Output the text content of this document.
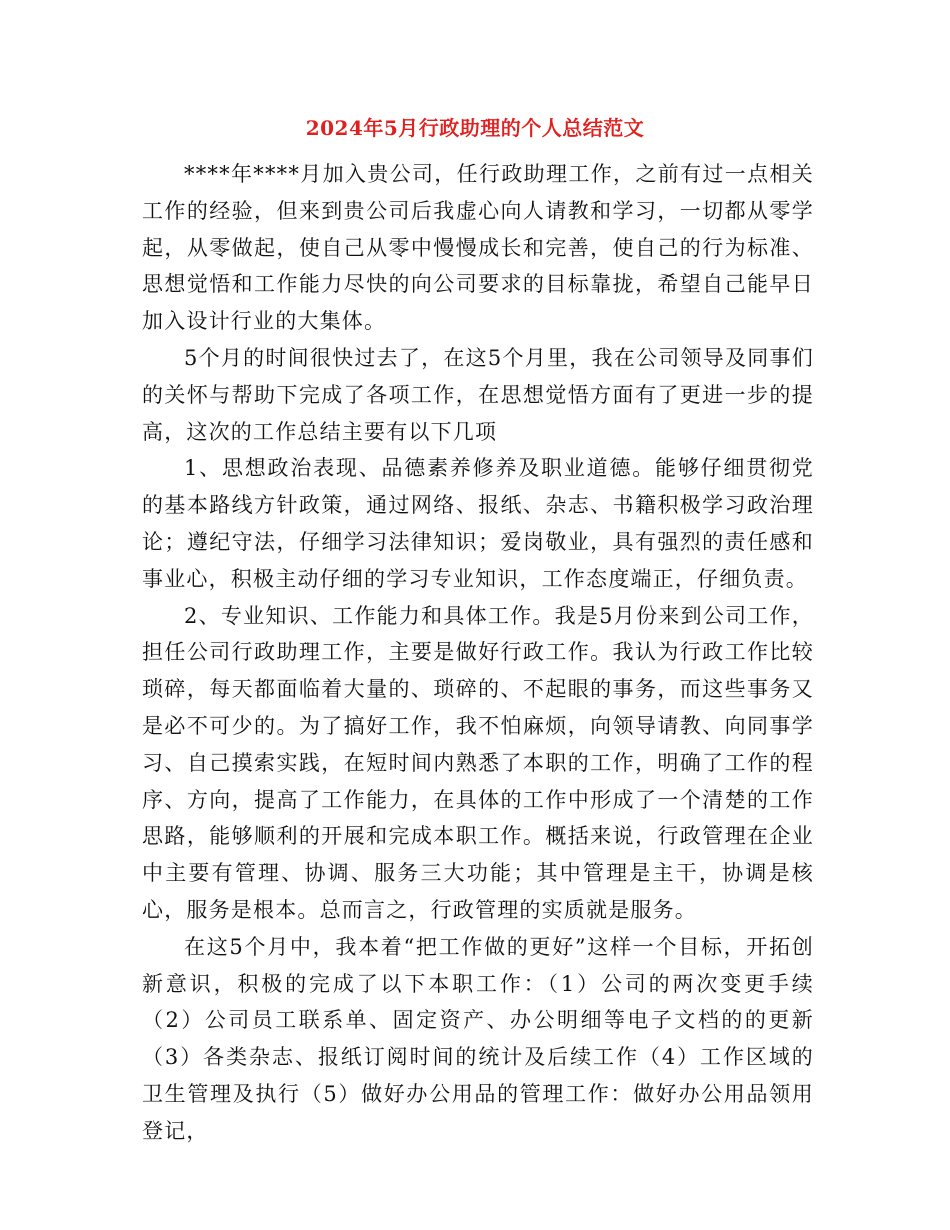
2024年5月行政助理的个人总结范文

****年****月加入贵公司，任行政助理工作，之前有过一点相关工作的经验，但来到贵公司后我虚心向人请教和学习，一切都从零学起，从零做起，使自己从零中慢慢成长和完善，使自己的行为标准、思想觉悟和工作能力尽快的向公司要求的目标靠拢，希望自己能早日加入设计行业的大集体。

5个月的时间很快过去了，在这5个月里，我在公司领导及同事们的关怀与帮助下完成了各项工作，在思想觉悟方面有了更进一步的提高，这次的工作总结主要有以下几项

1、思想政治表现、品德素养修养及职业道德。能够仔细贯彻党的基本路线方针政策，通过网络、报纸、杂志、书籍积极学习政治理论；遵纪守法，仔细学习法律知识；爱岗敬业，具有强烈的责任感和事业心，积极主动仔细的学习专业知识，工作态度端正，仔细负责。

2、专业知识、工作能力和具体工作。我是5月份来到公司工作，担任公司行政助理工作，主要是做好行政工作。我认为行政工作比较琐碎，每天都面临着大量的、琐碎的、不起眼的事务，而这些事务又是必不可少的。为了搞好工作，我不怕麻烦，向领导请教、向同事学习、自己摸索实践，在短时间内熟悉了本职的工作，明确了工作的程序、方向，提高了工作能力，在具体的工作中形成了一个清楚的工作思路，能够顺利的开展和完成本职工作。概括来说，行政管理在企业中主要有管理、协调、服务三大功能；其中管理是主干，协调是核心，服务是根本。总而言之，行政管理的实质就是服务。

在这5个月中，我本着“把工作做的更好”这样一个目标，开拓创新意识，积极的完成了以下本职工作：（1）公司的两次变更手续（2）公司员工联系单、固定资产、办公明细等电子文档的的更新（3）各类杂志、报纸订阅时间的统计及后续工作（4）工作区域的卫生管理及执行（5）做好办公用品的管理工作：做好办公用品领用登记，
